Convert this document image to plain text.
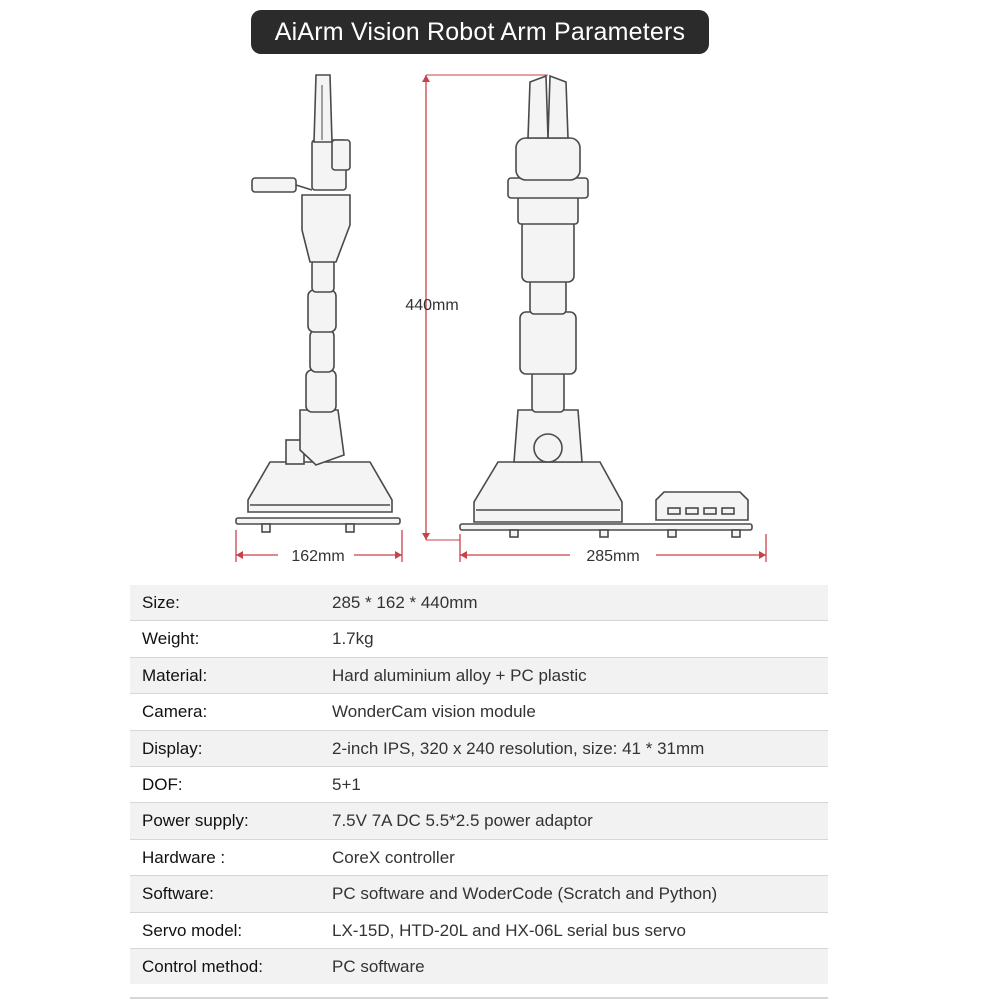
AiArm Vision Robot Arm Parameters
440mm
162mm	285mm
Size:	285 * 162 * 440mm
Weight:	1.7kg
Material:	Hard aluminium alloy + PC plastic
Camera:	WonderCam vision module
Display:	2-inch IPS, 320 x 240 resolution, size: 41 * 31mm
DOF:	5+1
Power supply:	7.5V 7A DC 5.5*2.5 power adaptor
Hardware :	CoreX controller
Software:	PC software and WoderCode (Scratch and Python)
Servo model:	LX-15D, HTD-20L and HX-06L serial bus servo
Control method:	PC software
